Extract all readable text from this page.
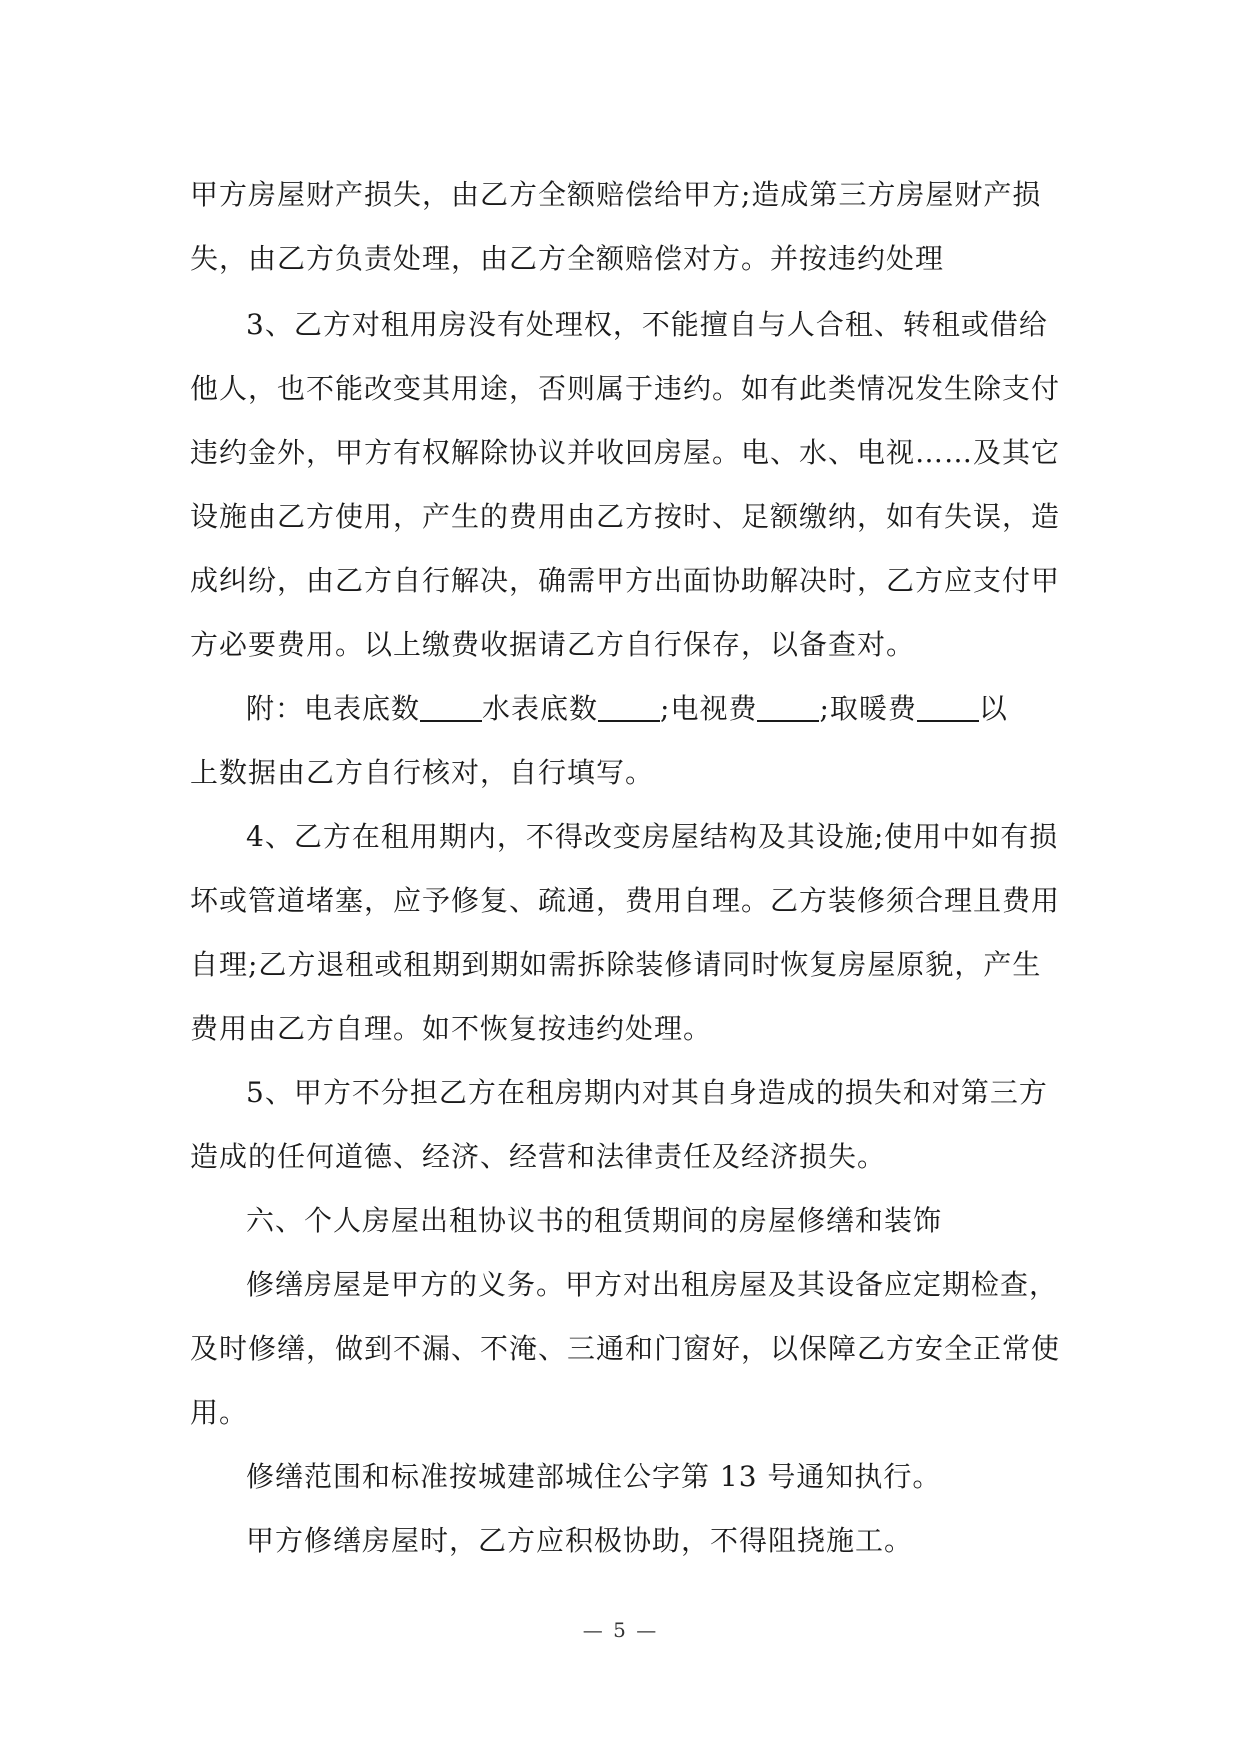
甲方房屋财产损失，由乙方全额赔偿给甲方;造成第三方房屋财产损
失，由乙方负责处理，由乙方全额赔偿对方。并按违约处理
3、乙方对租用房没有处理权，不能擅自与人合租、转租或借给
他人，也不能改变其用途，否则属于违约。如有此类情况发生除支付
违约金外，甲方有权解除协议并收回房屋。电、水、电视……及其它
设施由乙方使用，产生的费用由乙方按时、足额缴纳，如有失误，造
成纠纷，由乙方自行解决，确需甲方出面协助解决时，乙方应支付甲
方必要费用。以上缴费收据请乙方自行保存，以备查对。
附：电表底数 水表底数 ;电视费 ;取暖费 以
上数据由乙方自行核对，自行填写。
4、乙方在租用期内，不得改变房屋结构及其设施;使用中如有损
坏或管道堵塞，应予修复、疏通，费用自理。乙方装修须合理且费用
自理;乙方退租或租期到期如需拆除装修请同时恢复房屋原貌，产生
费用由乙方自理。如不恢复按违约处理。
5、甲方不分担乙方在租房期内对其自身造成的损失和对第三方
造成的任何道德、经济、经营和法律责任及经济损失。
六、个人房屋出租协议书的租赁期间的房屋修缮和装饰
修缮房屋是甲方的义务。甲方对出租房屋及其设备应定期检查，
及时修缮，做到不漏、不淹、三通和门窗好，以保障乙方安全正常使
用。
修缮范围和标准按城建部城住公字第 13 号通知执行。
甲方修缮房屋时，乙方应积极协助，不得阻挠施工。
— 5 —
